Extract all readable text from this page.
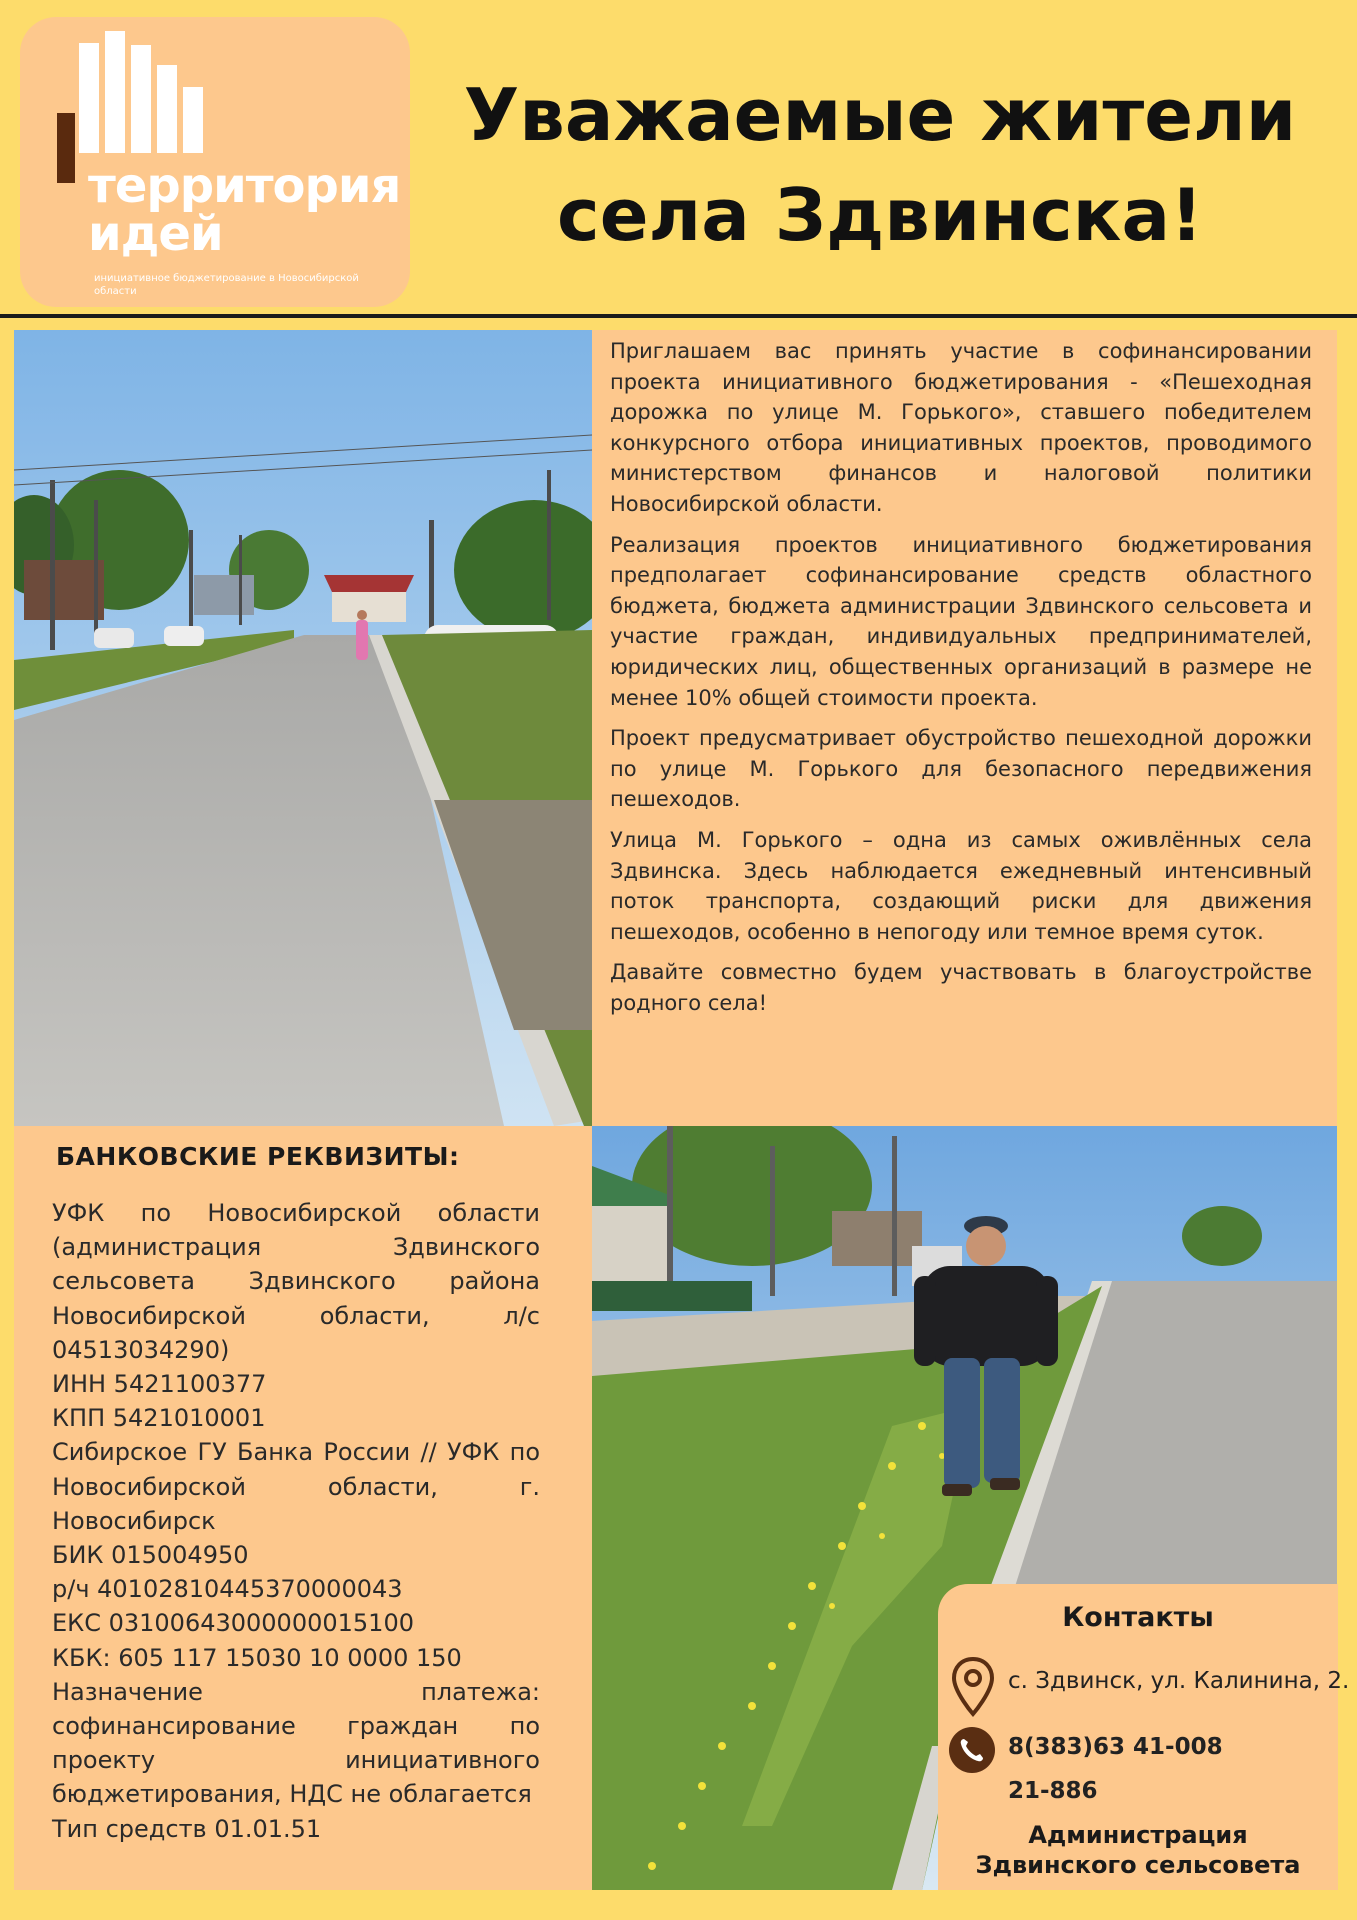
территория идей
инициативное бюджетирование в Новосибирской области
Уважаемые жители
села Здвинска!

Приглашаем вас принять участие в софинансировании проекта инициативного бюджетирования - «Пешеходная дорожка по улице М. Горького», ставшего победителем конкурсного отбора инициативных проектов, проводимого министерством финансов и налоговой политики Новосибирской области.

Реализация проектов инициативного бюджетирования предполагает софинансирование средств областного бюджета, бюджета администрации Здвинского сельсовета и участие граждан, индивидуальных предпринимателей, юридических лиц, общественных организаций в размере не менее 10% общей стоимости проекта.

Проект предусматривает обустройство пешеходной дорожки по улице М. Горького для безопасного передвижения пешеходов.

Улица М. Горького – одна из самых оживлённых села Здвинска. Здесь наблюдается ежедневный интенсивный поток транспорта, создающий риски для движения пешеходов, особенно в непогоду или темное время суток.

Давайте совместно будем участвовать в благоустройстве родного села!

БАНКОВСКИЕ РЕКВИЗИТЫ:

УФК по Новосибирской области (администрация Здвинского сельсовета Здвинского района Новосибирской области, л/с 04513034290)

ИНН 5421100377

КПП 5421010001

Сибирское ГУ Банка России // УФК по Новосибирской области, г. Новосибирск

БИК 015004950

р/ч 40102810445370000043

ЕКС 03100643000000015100

КБК: 605 117 15030 10 0000 150

Назначение платежа: софинансирование граждан по проекту инициативного бюджетирования, НДС не облагается

Тип средств 01.01.51

Контакты
с. Здвинск, ул. Калинина, 2.
8(383)63 41-008
21-886
Администрация
Здвинского сельсовета
